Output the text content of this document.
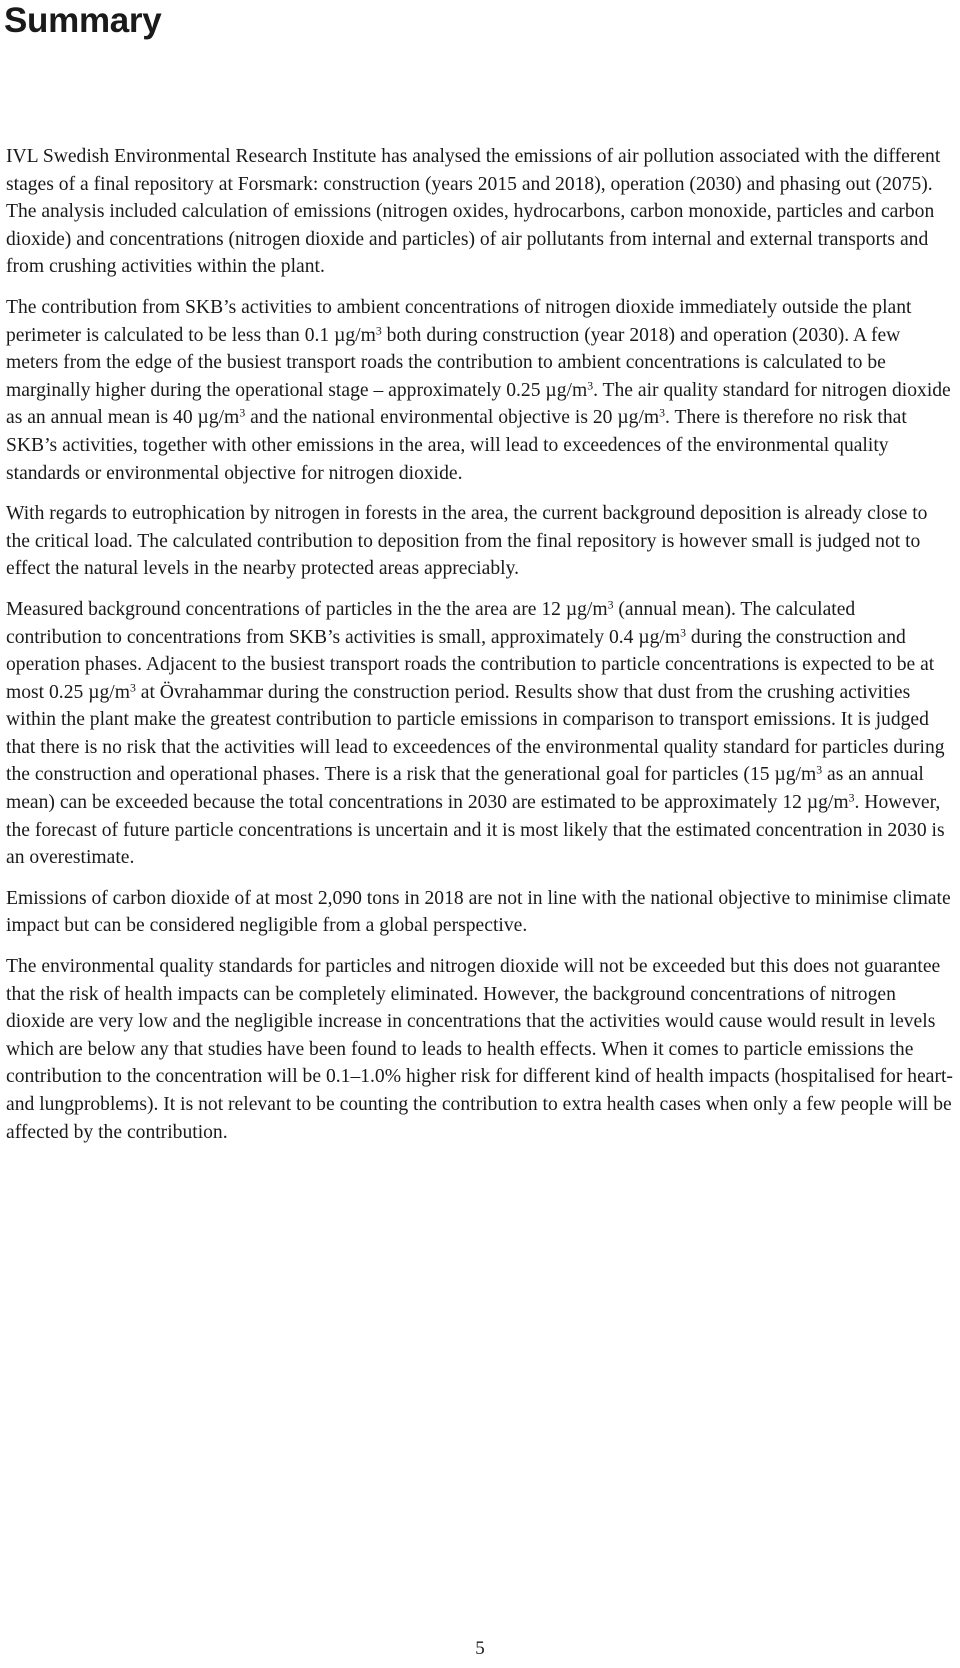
Summary

IVL Swedish Environmental Research Institute has analysed the emissions of air pollution associated with the different stages of a final repository at Forsmark: construction (years 2015 and 2018), operation (2030) and phasing out (2075). The analysis included calculation of emissions (nitrogen oxides, hydrocarbons, carbon monoxide, particles and carbon dioxide) and concentrations (nitrogen dioxide and particles) of air pollutants from internal and external transports and from crushing activities within the plant.

The contribution from SKB’s activities to ambient concentrations of nitrogen dioxide immediately outside the plant perimeter is calculated to be less than 0.1 $\mu g/m^3$ both during construction (year 2018) and operation (2030). A few meters from the edge of the busiest transport roads the contribution to ambient concentrations is calculated to be marginally higher during the operational stage – approximately 0.25 $\mu g/m^3$. The air quality standard for nitrogen dioxide as an annual mean is 40 $\mu g/m^3$ and the national environmental objective is 20 $\mu g/m^3$. There is therefore no risk that SKB’s activities, together with other emissions in the area, will lead to exceedences of the environmental quality standards or environmental objective for nitrogen dioxide.

With regards to eutrophication by nitrogen in forests in the area, the current background deposition is already close to the critical load. The calculated contribution to deposition from the final repository is however small is judged not to effect the natural levels in the nearby protected areas appreciably.

Measured background concentrations of particles in the the area are 12 $\mu g/m^3$ (annual mean). The calculated contribution to concentrations from SKB’s activities is small, approximately 0.4 $\mu g/m^3$ during the construction and operation phases. Adjacent to the busiest transport roads the contribution to particle concentrations is expected to be at most 0.25 $\mu g/m^3$ at Övrahammar during the construction period. Results show that dust from the crushing activities within the plant make the greatest contribution to particle emissions in comparison to transport emissions. It is judged that there is no risk that the activities will lead to exceedences of the environmental quality standard for particles during the construction and operational phases. There is a risk that the generational goal for particles (15 $\mu g/m^3$ as an annual mean) can be exceeded because the total concentrations in 2030 are estimated to be approximately 12 $\mu g/m^3$. However, the forecast of future particle concentrations is uncertain and it is most likely that the estimated concentration in 2030 is an overestimate.

Emissions of carbon dioxide of at most 2,090 tons in 2018 are not in line with the national objective to minimise climate impact but can be considered negligible from a global perspective.

The environmental quality standards for particles and nitrogen dioxide will not be exceeded but this does not guarantee that the risk of health impacts can be completely eliminated. However, the background concentrations of nitrogen dioxide are very low and the negligible increase in concentrations that the activities would cause would result in levels which are below any that studies have been found to leads to health effects. When it comes to particle emissions the contribution to the concentration will be 0.1–1.0% higher risk for different kind of health impacts (hospitalised for heart- and lungproblems). It is not relevant to be counting the contribution to extra health cases when only a few people will be affected by the contribution.

5
